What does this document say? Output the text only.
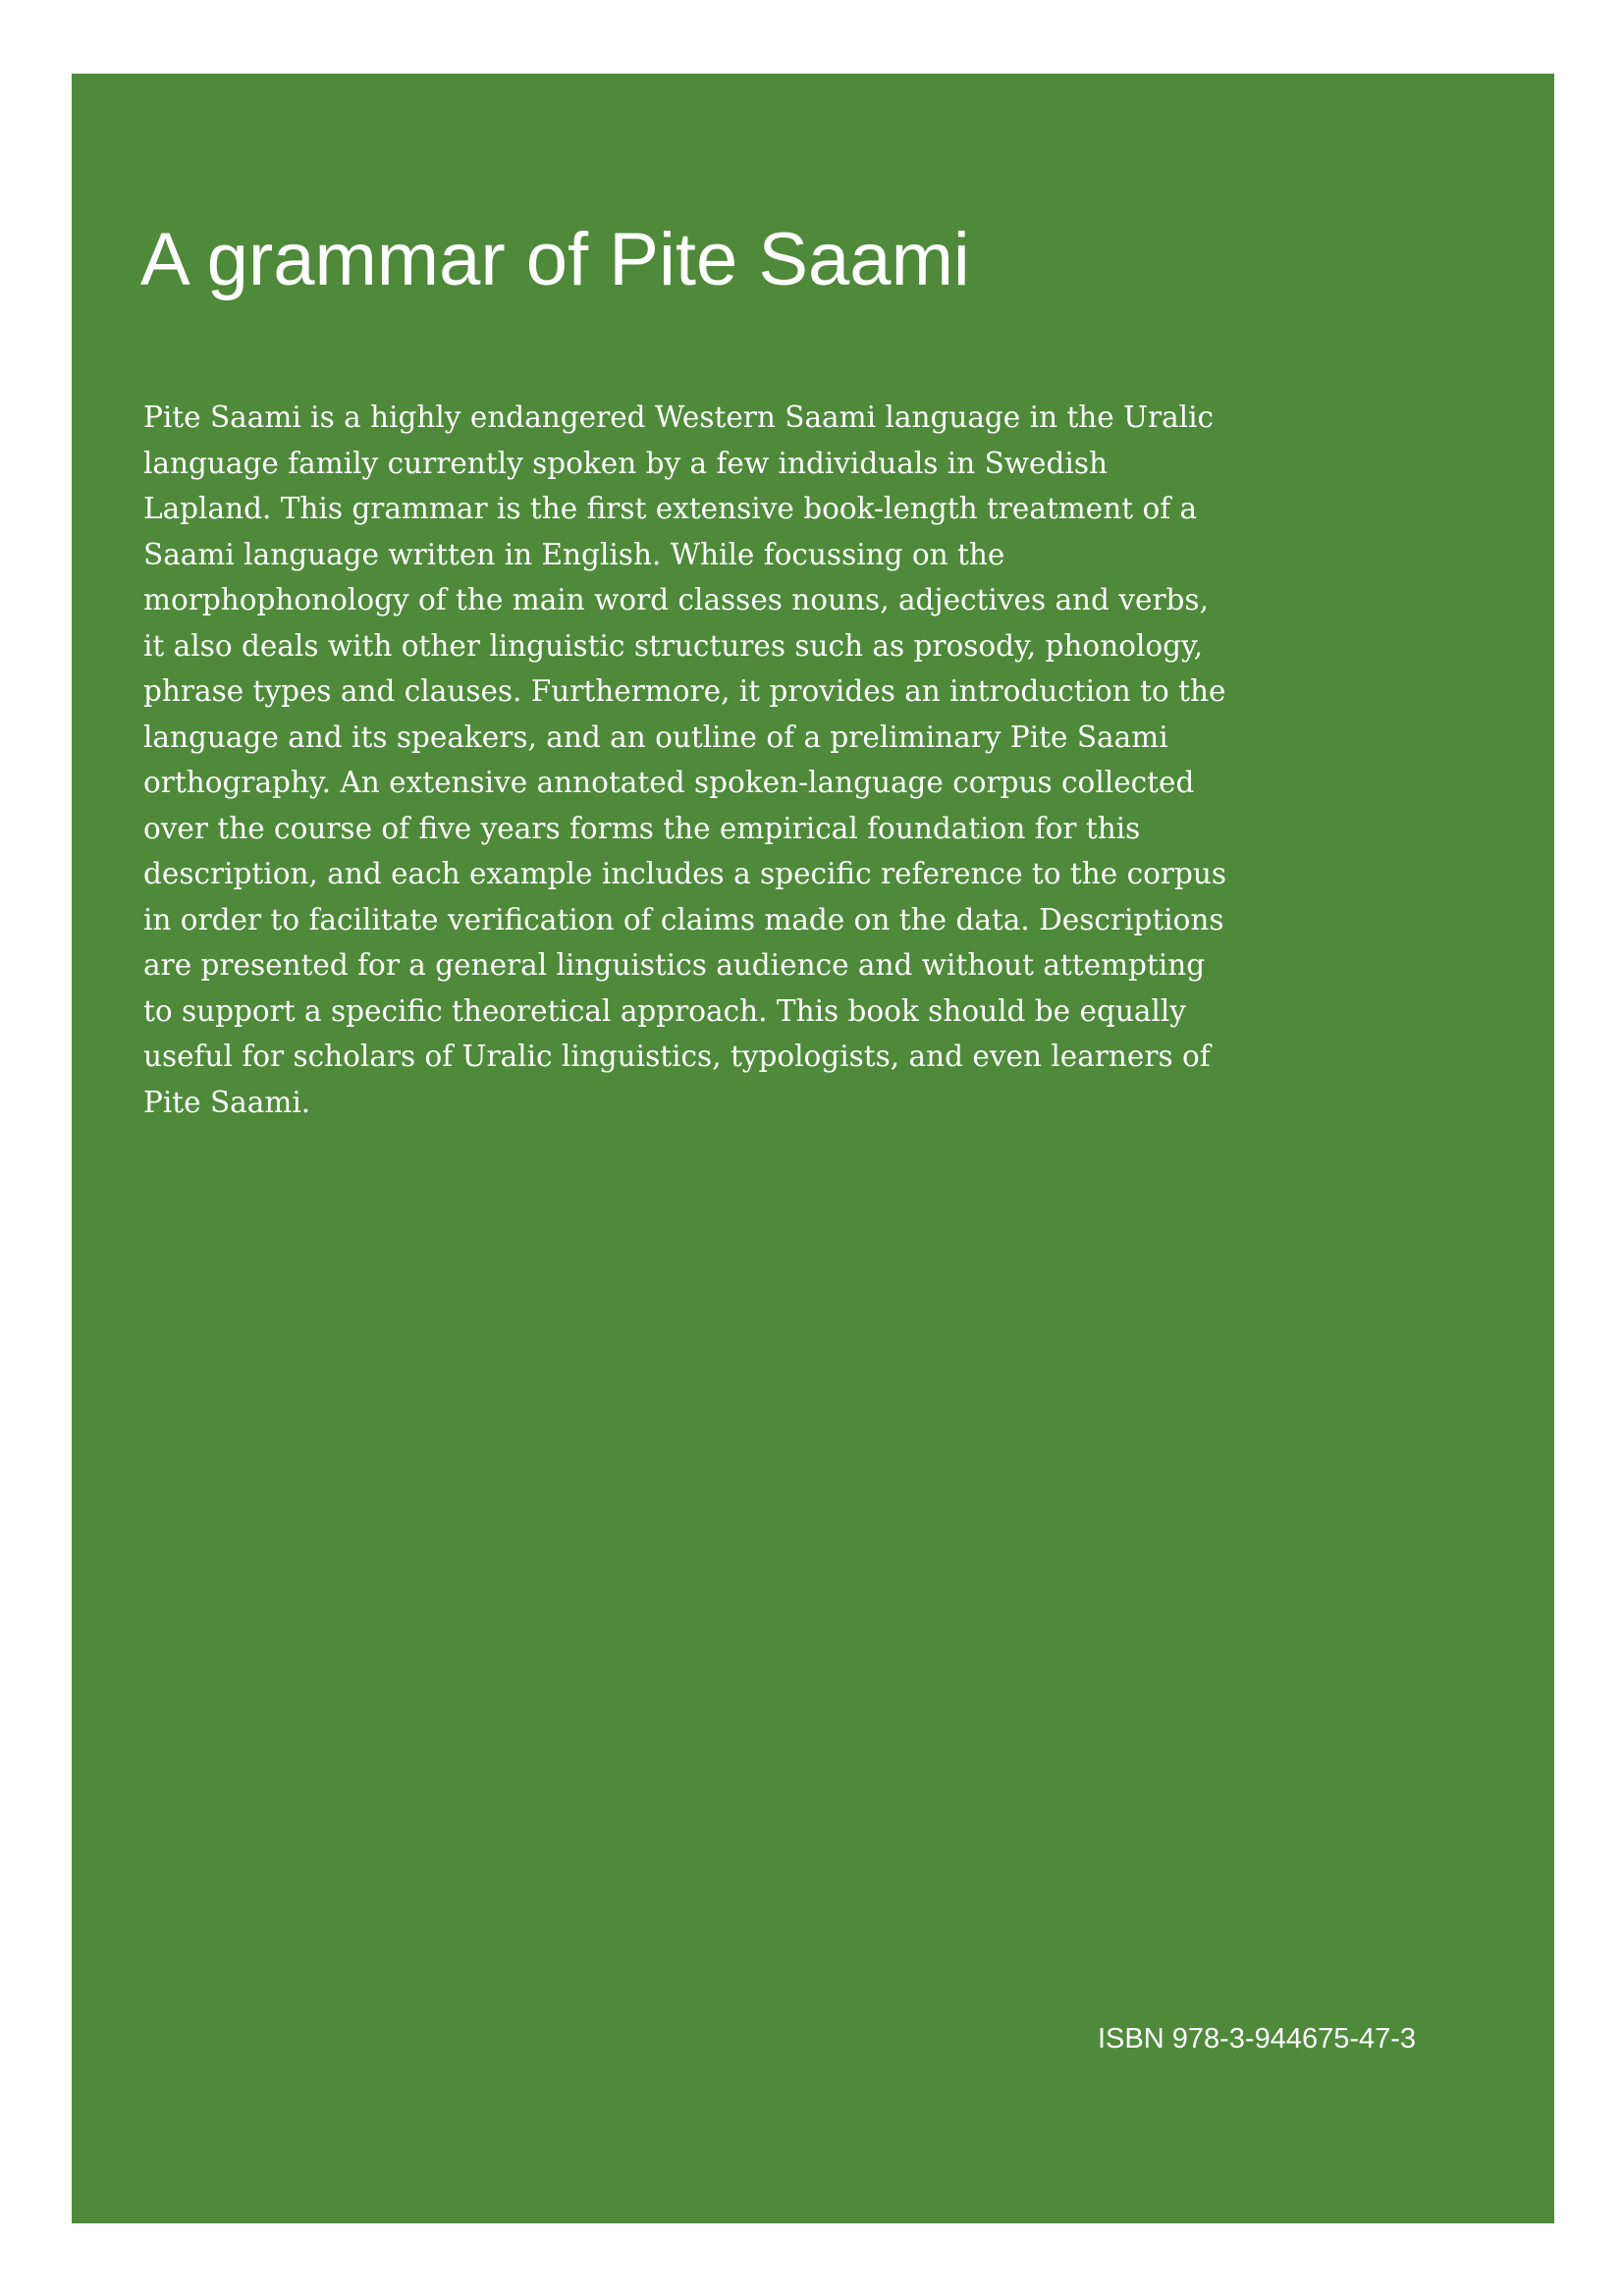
A grammar of Pite Saami

Pite Saami is a highly endangered Western Saami language in the Uralic
language family currently spoken by a few individuals in Swedish
Lapland. This grammar is the first extensive book-length treatment of a
Saami language written in English. While focussing on the
morphophonology of the main word classes nouns, adjectives and verbs,
it also deals with other linguistic structures such as prosody, phonology,
phrase types and clauses. Furthermore, it provides an introduction to the
language and its speakers, and an outline of a preliminary Pite Saami
orthography. An extensive annotated spoken-language corpus collected
over the course of five years forms the empirical foundation for this
description, and each example includes a specific reference to the corpus
in order to facilitate verification of claims made on the data. Descriptions
are presented for a general linguistics audience and without attempting
to support a specific theoretical approach. This book should be equally
useful for scholars of Uralic linguistics, typologists, and even learners of
Pite Saami.

ISBN 978-3-944675-47-3
